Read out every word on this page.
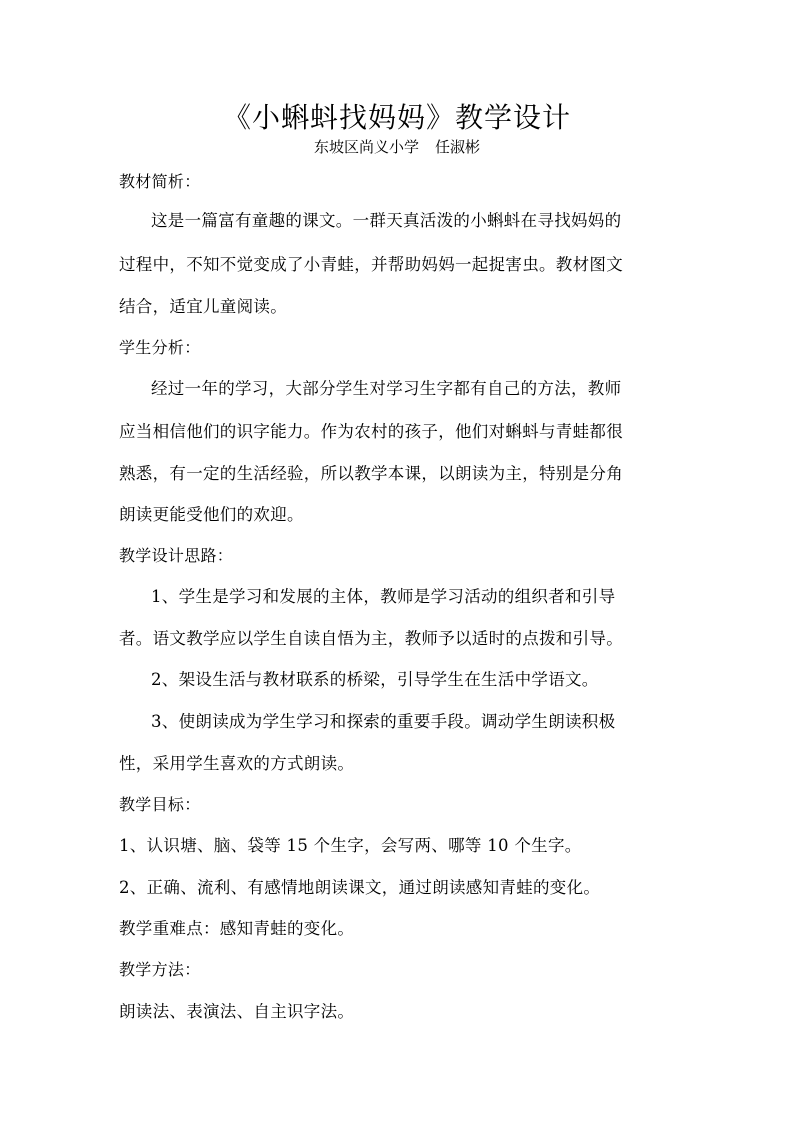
《小蝌蚪找妈妈》教学设计
东坡区尚义小学 任淑彬
教材简析：
这是一篇富有童趣的课文。一群天真活泼的小蝌蚪在寻找妈妈的
过程中，不知不觉变成了小青蛙，并帮助妈妈一起捉害虫。教材图文
结合，适宜儿童阅读。
学生分析：
经过一年的学习，大部分学生对学习生字都有自己的方法，教师
应当相信他们的识字能力。作为农村的孩子，他们对蝌蚪与青蛙都很
熟悉，有一定的生活经验，所以教学本课，以朗读为主，特别是分角
朗读更能受他们的欢迎。
教学设计思路：
1、学生是学习和发展的主体，教师是学习活动的组织者和引导
者。语文教学应以学生自读自悟为主，教师予以适时的点拨和引导。
2、架设生活与教材联系的桥梁，引导学生在生活中学语文。
3、使朗读成为学生学习和探索的重要手段。调动学生朗读积极
性，采用学生喜欢的方式朗读。
教学目标：
1、认识塘、脑、袋等 15 个生字，会写两、哪等 10 个生字。
2、正确、流利、有感情地朗读课文，通过朗读感知青蛙的变化。
教学重难点：感知青蛙的变化。
教学方法：
朗读法、表演法、自主识字法。
